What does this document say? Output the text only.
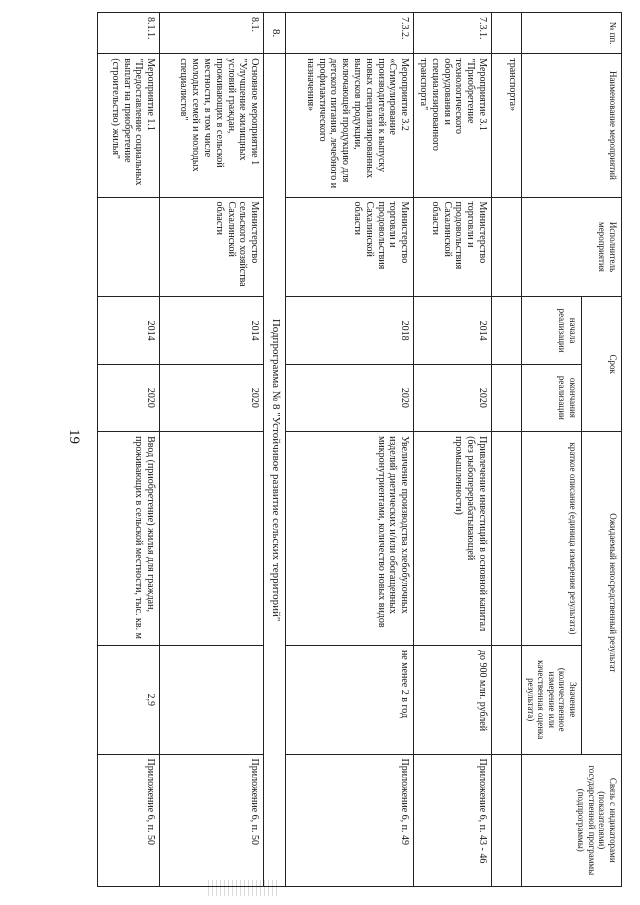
19
№ пп.	Наименование мероприятий	Исполнитель мероприятия	Срок		Ожидаемый непосредственный результат		Связь с индикаторами (показателями) государственной программы (подпрограммы)
			начала реализации	окончания реализации	краткое описание (единица измерения результата)	Значение (количественное измерение или качественная оценка результата)	
	транспорта»						
7.3.1.	Мероприятие 3.1 "Приобретение технологического оборудования и специализированного транспорта"	Министерство торговли и продовольствия Сахалинской области	2014	2020	Привлечение инвестиций в основной капитал (без рыбоперерабатывающей промышленности)	до 900 млн. рублей	Приложение 6, п. 43 - 46
7.3.2.	Мероприятие 3.2 «Стимулирование производителей к выпуску новых специализированных выпусков продукции, включающей продукцию для детского питания, лечебного и профилактического назначения»	Министерство торговли и продовольствия Сахалинской области	2018	2020	Увеличение производства хлебобулочных изделий диетических и/или обогащенных микронутриентами, количество новых видов	не менее 2 в год	Приложение 6, п. 49
8.	Подпрограмма № 8 "Устойчивое развитие сельских территорий"						
8.1.	Основное мероприятие 1 "Улучшение жилищных условий граждан, проживающих в сельской местности, в том числе молодых семей и молодых специалистов"	Министерство сельского хозяйства Сахалинской области	2014	2020			Приложение 6, п. 50
8.1.1.	Мероприятие 1.1 "Предоставление социальных выплат на приобретение (строительство) жилья"		2014	2020	Ввод (приобретение) жилья для граждан, проживающих в сельской местности, тыс. кв. м	2,9	Приложение 6, п. 50
